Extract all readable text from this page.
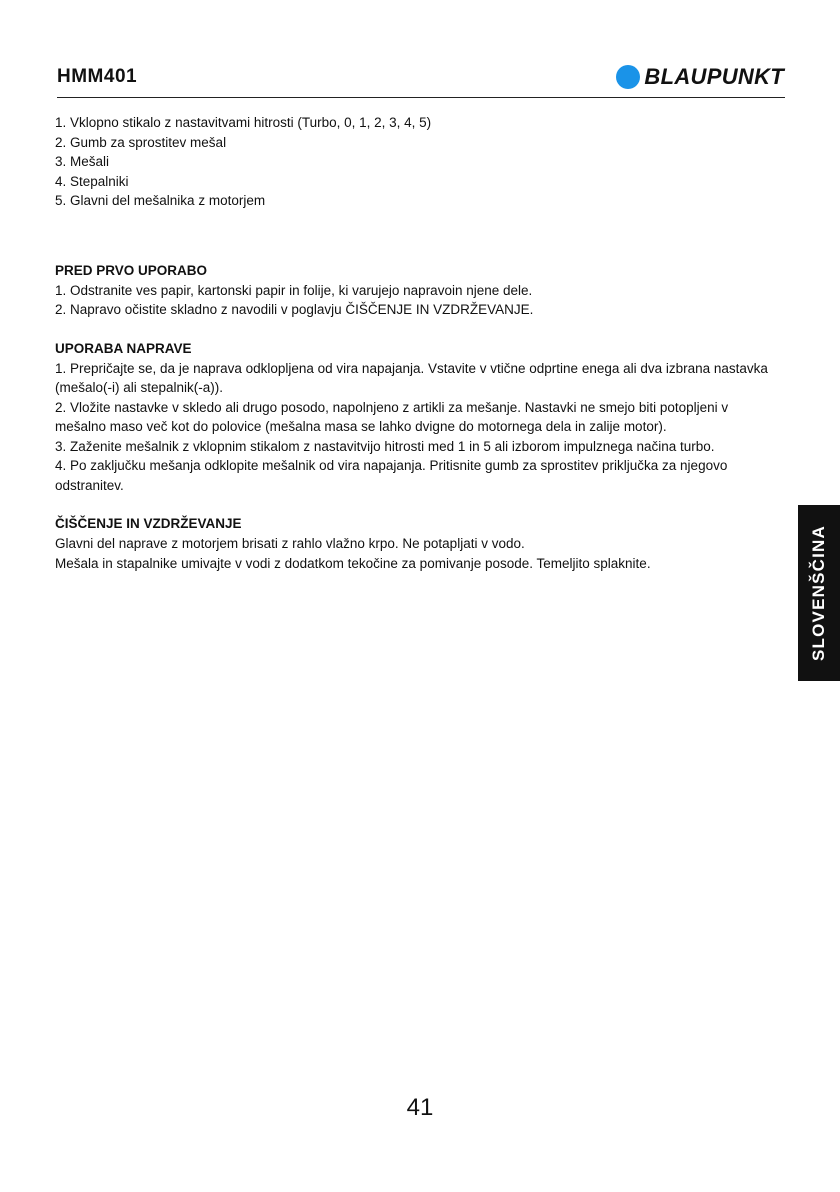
HMM401	BLAUPUNKT

1. Vklopno stikalo z nastavitvami hitrosti (Turbo, 0, 1, 2, 3, 4, 5)

2. Gumb za sprostitev mešal

3. Mešali

4. Stepalniki

5. Glavni del mešalnika z motorjem

PRED PRVO UPORABO

1. Odstranite ves papir, kartonski papir in folije, ki varujejo napravoin njene dele.

2. Napravo očistite skladno z navodili v poglavju ČIŠČENJE IN VZDRŽEVANJE.

UPORABA NAPRAVE

1. Prepričajte se, da je naprava odklopljena od vira napajanja. Vstavite v vtične odprtine enega ali dva izbrana nastavka (mešalo(-i) ali stepalnik(-a)).

2. Vložite nastavke v skledo ali drugo posodo, napolnjeno z artikli za mešanje. Nastavki ne smejo biti potopljeni v mešalno maso več kot do polovice (mešalna masa se lahko dvigne do motornega dela in zalije motor).

3. Zaženite mešalnik z vklopnim stikalom z nastavitvijo hitrosti med 1 in 5 ali izborom impulznega načina turbo.

4. Po zaključku mešanja odklopite mešalnik od vira napajanja. Pritisnite gumb za sprostitev priključka za njegovo odstranitev.

ČIŠČENJE IN VZDRŽEVANJE

Glavni del naprave z motorjem brisati z rahlo vlažno krpo. Ne potapljati v vodo.

Mešala in stapalnike umivajte v vodi z dodatkom tekočine za pomivanje posode. Temeljito splaknite.	SLOVENŠČINA
41
